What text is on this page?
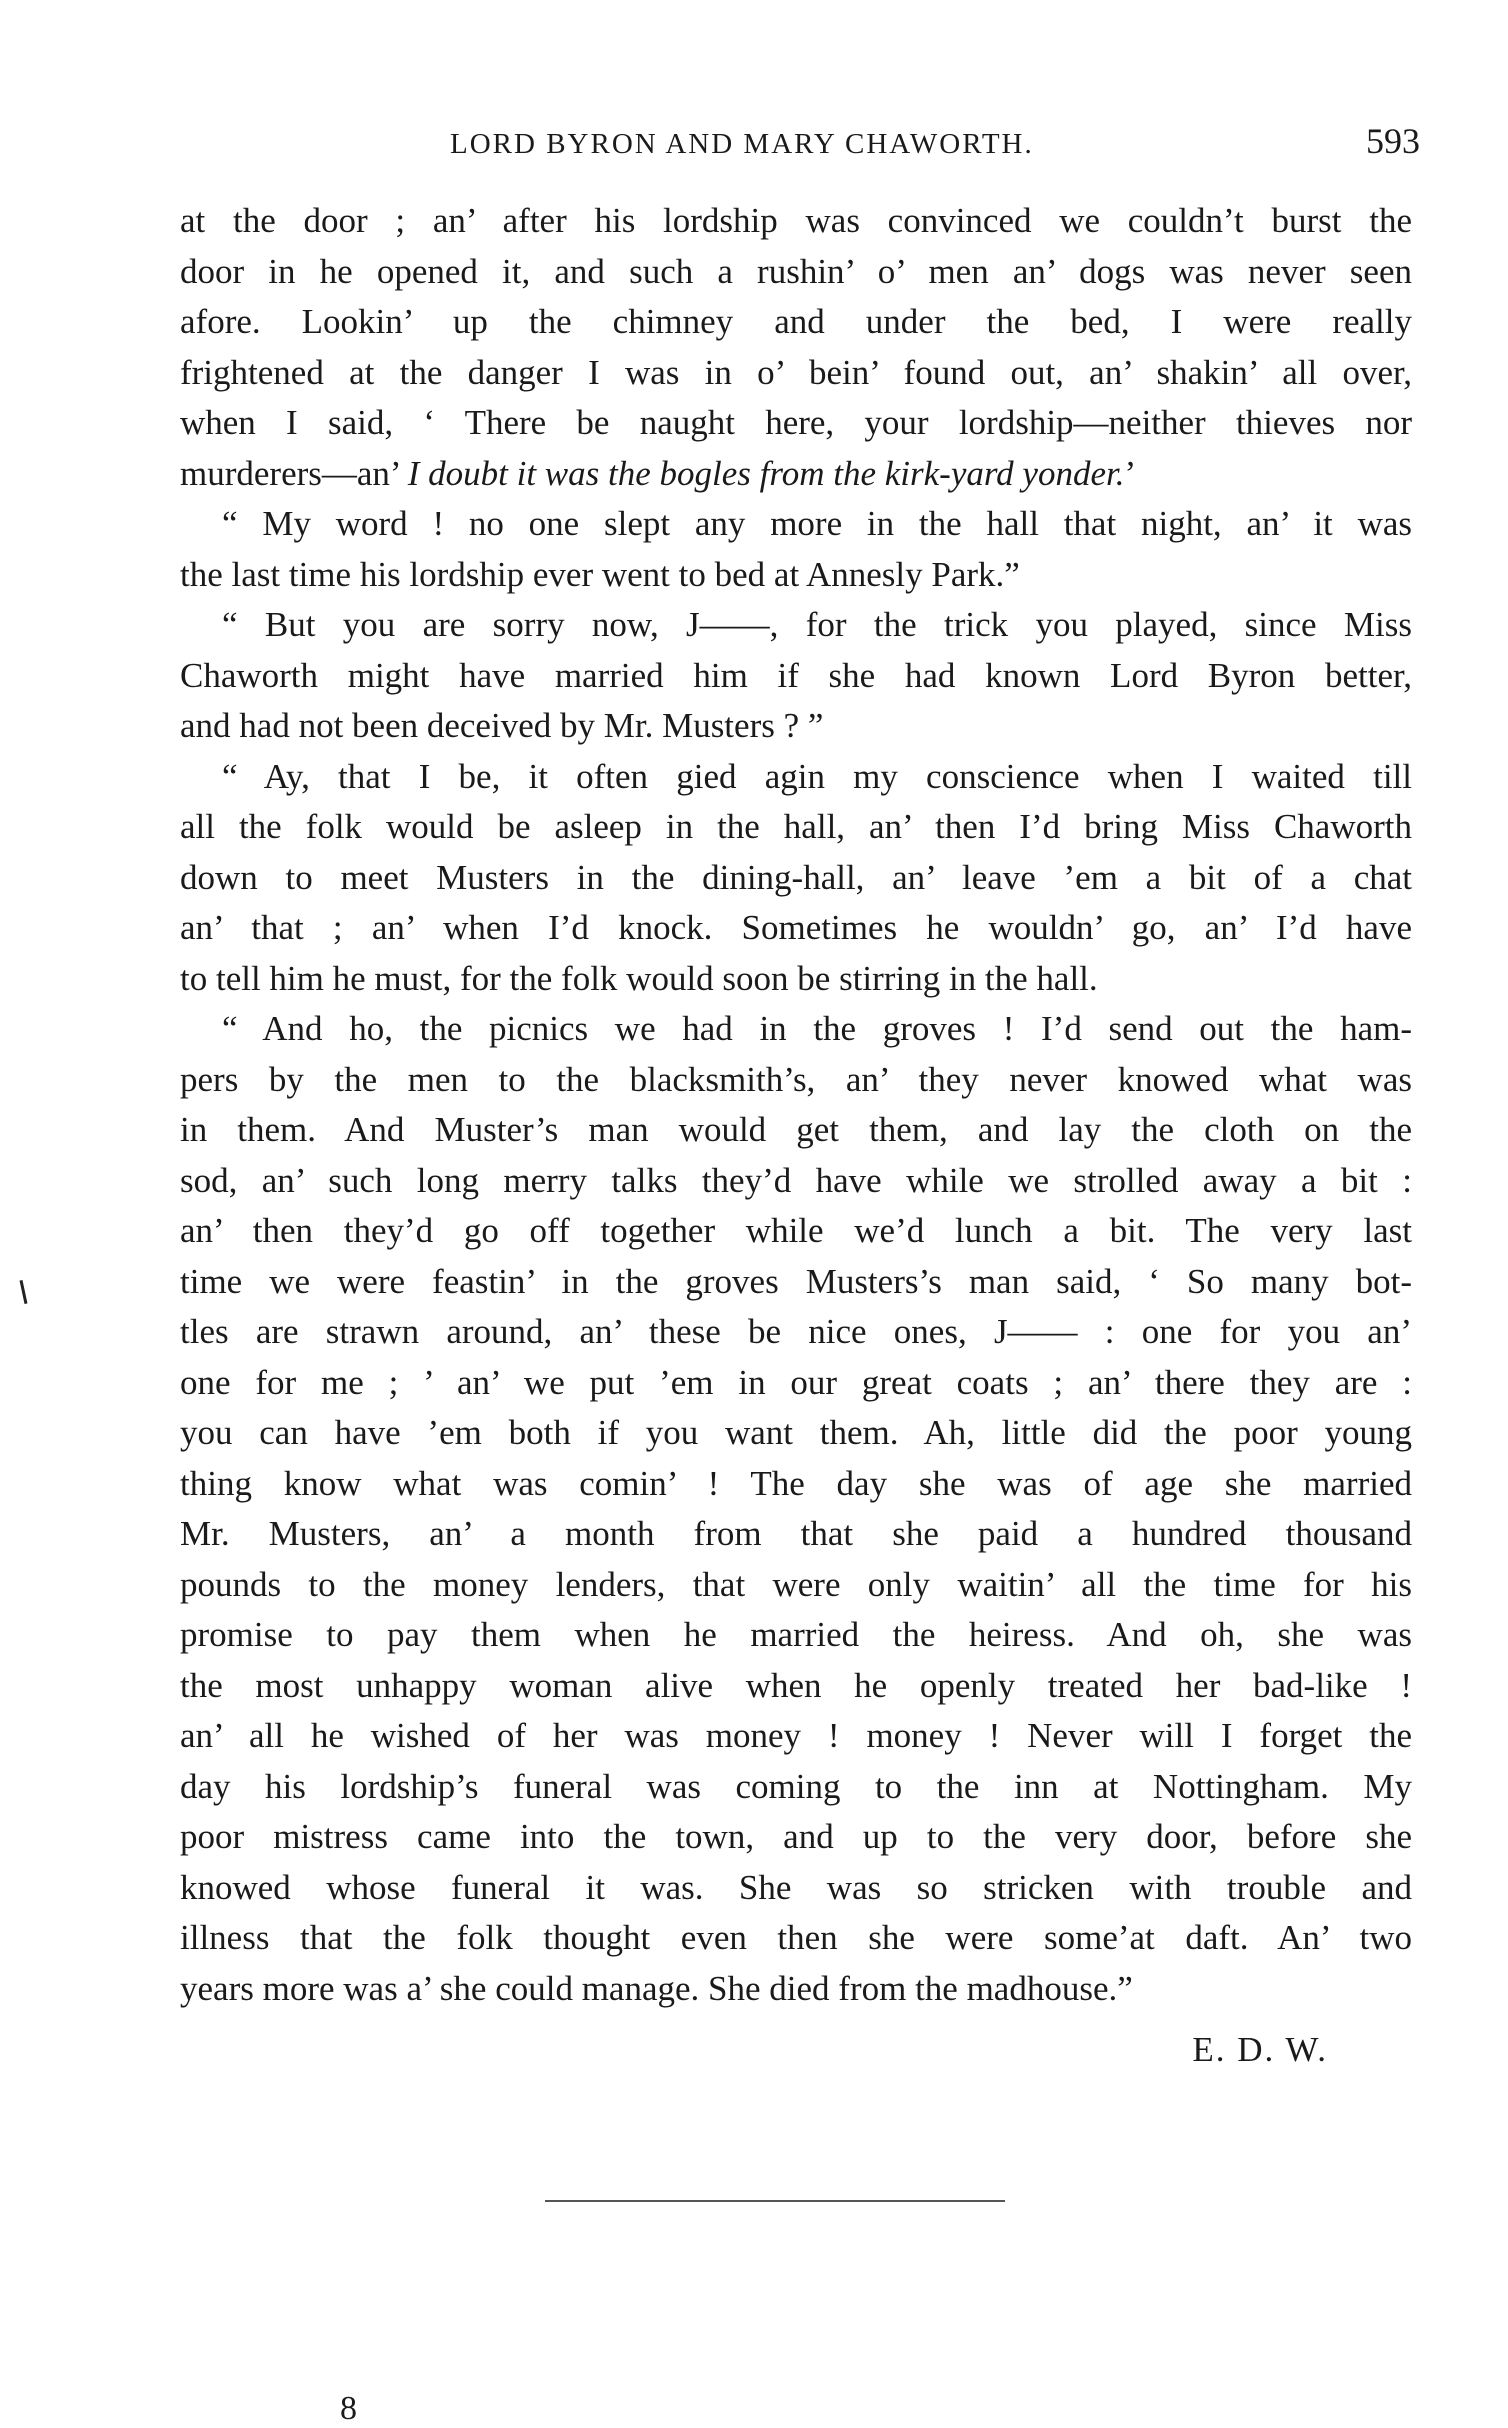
LORD BYRON AND MARY CHAWORTH.	593
at the door ; an’ after his lordship was convinced we couldn’t burst the
door in he opened it, and such a rushin’ o’ men an’ dogs was never seen
afore. Lookin’ up the chimney and under the bed, I were really
frightened at the danger I was in o’ bein’ found out, an’ shakin’ all over,
when I said, ‘ There be naught here, your lordship—neither thieves nor
murderers—an’ I doubt it was the bogles from the kirk-yard yonder.’
“ My word ! no one slept any more in the hall that night, an’ it was
the last time his lordship ever went to bed at Annesly Park.”
“ But you are sorry now, J——, for the trick you played, since Miss
Chaworth might have married him if she had known Lord Byron better,
and had not been deceived by Mr. Musters ? ”
“ Ay, that I be, it often gied agin my conscience when I waited till
all the folk would be asleep in the hall, an’ then I’d bring Miss Chaworth
down to meet Musters in the dining-hall, an’ leave ’em a bit of a chat
an’ that ; an’ when I’d knock. Sometimes he wouldn’ go, an’ I’d have
to tell him he must, for the folk would soon be stirring in the hall.
“ And ho, the picnics we had in the groves ! I’d send out the ham-
pers by the men to the blacksmith’s, an’ they never knowed what was
in them. And Muster’s man would get them, and lay the cloth on the
sod, an’ such long merry talks they’d have while we strolled away a bit :
an’ then they’d go off together while we’d lunch a bit. The very last
time we were feastin’ in the groves Musters’s man said, ‘ So many bot-
tles are strawn around, an’ these be nice ones, J—— : one for you an’
one for me ; ’ an’ we put ’em in our great coats ; an’ there they are :
you can have ’em both if you want them. Ah, little did the poor young
thing know what was comin’ ! The day she was of age she married
Mr. Musters, an’ a month from that she paid a hundred thousand
pounds to the money lenders, that were only waitin’ all the time for his
promise to pay them when he married the heiress. And oh, she was
the most unhappy woman alive when he openly treated her bad-like !
an’ all he wished of her was money ! money ! Never will I forget the
day his lordship’s funeral was coming to the inn at Nottingham. My
poor mistress came into the town, and up to the very door, before she
knowed whose funeral it was. She was so stricken with trouble and
illness that the folk thought even then she were some’at daft. An’ two
years more was a’ she could manage. She died from the madhouse.”
E. D. W.
8
